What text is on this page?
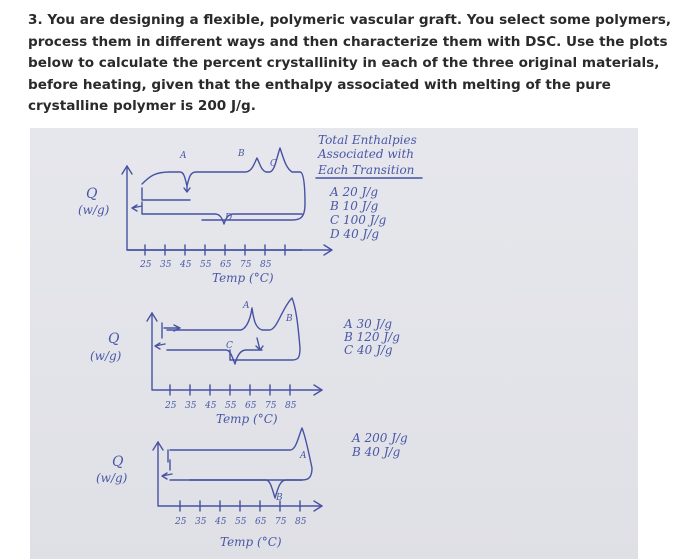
3. You are designing a flexible, polymeric vascular graft. You select some polymers, process them in different ways and then characterize them with DSC. Use the plots below to calculate the percent crystallinity in each of the three original materials, before heating, given that the enthalpy associated with melting of the pure crystalline polymer is 200 J/g.
A	B
C
D
Q
(w/g)
25 35 45 55 65 75 85
Temp (°C)
Total Enthalpies
Associated with
Each Transition
A 20 J/g
B 10 J/g
C 100 J/g
D 40 J/g
A
B
C
Q
(w/g)
25 35 45 55 65 75 85
Temp (°C)
A 30 J/g
B 120 J/g
C 40 J/g
A
B
Q
(w/g)
25 35 45 55 65 75 85
Temp (°C)
A 200 J/g
B 40 J/g
